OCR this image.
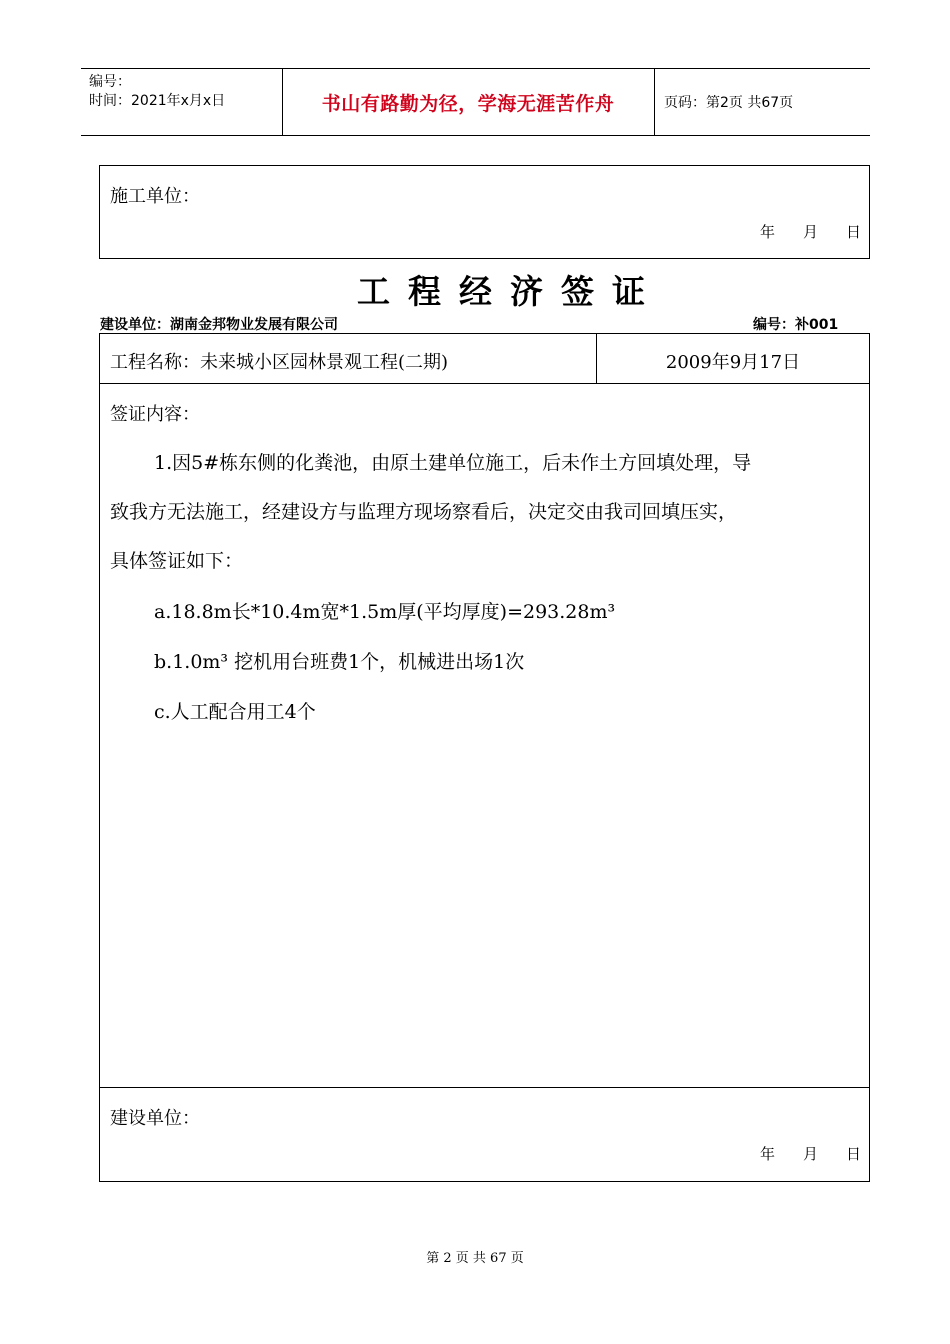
编号：
时间：2021年x月x日	书山有路勤为径，学海无涯苦作舟	页码：第2页 共67页
施工单位：
年 月 日
工程经济签证
建设单位：湖南金邦物业发展有限公司	编号：补001
工程名称：未来城小区园林景观工程(二期)	2009年9月17日
签证内容：
1.因5#栋东侧的化粪池，由原土建单位施工，后未作土方回填处理，导
致我方无法施工，经建设方与监理方现场察看后，决定交由我司回填压实，
具体签证如下：
a.18.8m长*10.4m宽*1.5m厚(平均厚度)=293.28m³
b.1.0m³ 挖机用台班费1个，机械进出场1次
c.人工配合用工4个
建设单位：
年 月 日
第 2 页 共 67 页
